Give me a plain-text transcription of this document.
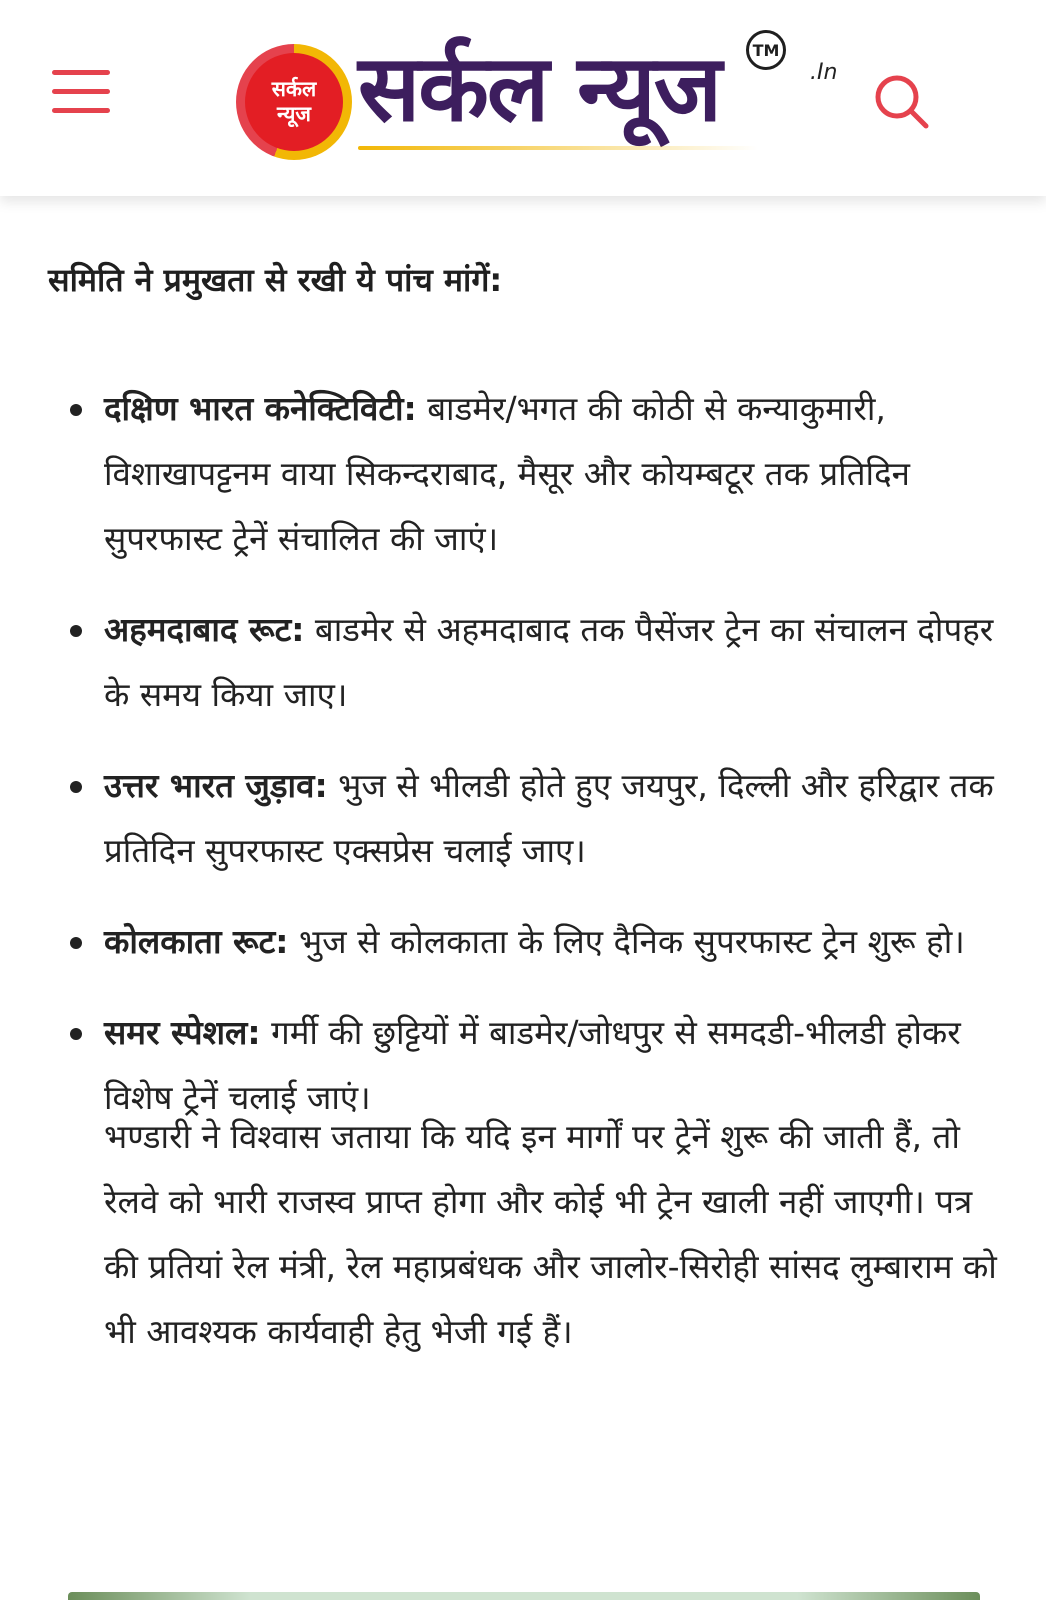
सर्कल
न्यूज सर्कल न्यूज	TM
.In

समिति ने प्रमुखता से रखी ये पांच मांगें:

दक्षिण भारत कनेक्टिविटी: बाडमेर/भगत की कोठी से कन्याकुमारी, विशाखापट्टनम वाया सिकन्दराबाद, मैसूर और कोयम्बटूर तक प्रतिदिन सुपरफास्ट ट्रेनें संचालित की जाएं।
अहमदाबाद रूट: बाडमेर से अहमदाबाद तक पैसेंजर ट्रेन का संचालन दोपहर के समय किया जाए।
उत्तर भारत जुड़ाव: भुज से भीलडी होते हुए जयपुर, दिल्ली और हरिद्वार तक प्रतिदिन सुपरफास्ट एक्सप्रेस चलाई जाए।
कोलकाता रूट: भुज से कोलकाता के लिए दैनिक सुपरफास्ट ट्रेन शुरू हो।
समर स्पेशल: गर्मी की छुट्टियों में बाडमेर/जोधपुर से समदडी-भीलडी होकर विशेष ट्रेनें चलाई जाएं।

भण्डारी ने विश्वास जताया कि यदि इन मार्गों पर ट्रेनें शुरू की जाती हैं, तो रेलवे को भारी राजस्व प्राप्त होगा और कोई भी ट्रेन खाली नहीं जाएगी। पत्र की प्रतियां रेल मंत्री, रेल महाप्रबंधक और जालोर-सिरोही सांसद लुम्बाराम को भी आवश्यक कार्यवाही हेतु भेजी गई हैं।
